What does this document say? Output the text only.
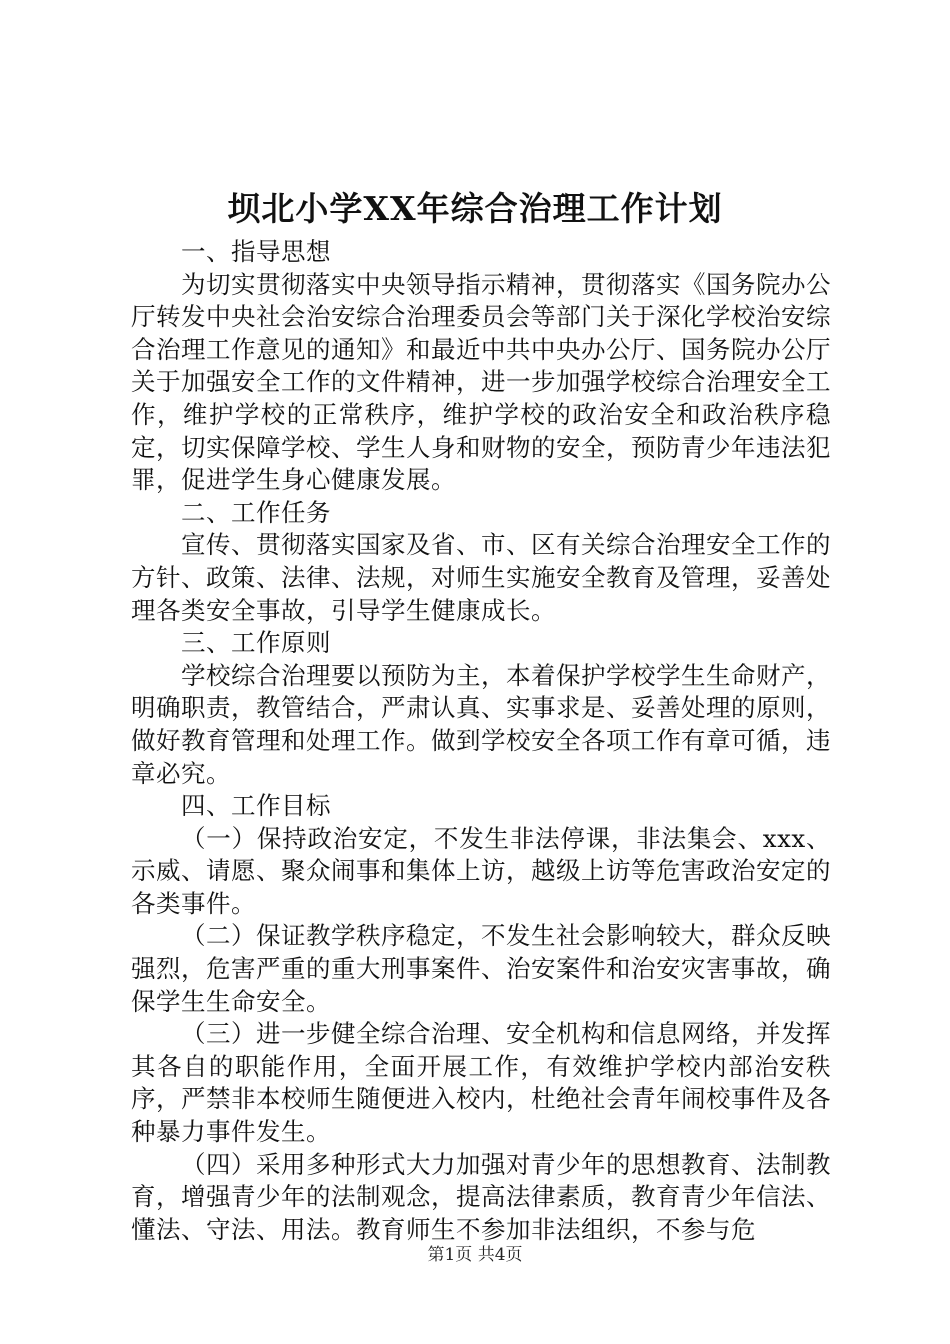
坝北小学XX年综合治理工作计划

一、指导思想

为切实贯彻落实中央领导指示精神，贯彻落实《国务院办公厅转发中央社会治安综合治理委员会等部门关于深化学校治安综合治理工作意见的通知》和最近中共中央办公厅、国务院办公厅关于加强安全工作的文件精神，进一步加强学校综合治理安全工作，维护学校的正常秩序，维护学校的政治安全和政治秩序稳定，切实保障学校、学生人身和财物的安全，预防青少年违法犯罪，促进学生身心健康发展。

二、工作任务

宣传、贯彻落实国家及省、市、区有关综合治理安全工作的方针、政策、法律、法规，对师生实施安全教育及管理，妥善处理各类安全事故，引导学生健康成长。

三、工作原则

学校综合治理要以预防为主，本着保护学校学生生命财产，明确职责，教管结合，严肃认真、实事求是、妥善处理的原则，做好教育管理和处理工作。做到学校安全各项工作有章可循，违章必究。

四、工作目标

（一）保持政治安定，不发生非法停课，非法集会、xxx、示威、请愿、聚众闹事和集体上访，越级上访等危害政治安定的各类事件。

（二）保证教学秩序稳定，不发生社会影响较大，群众反映强烈，危害严重的重大刑事案件、治安案件和治安灾害事故，确保学生生命安全。

（三）进一步健全综合治理、安全机构和信息网络，并发挥其各自的职能作用，全面开展工作，有效维护学校内部治安秩序，严禁非本校师生随便进入校内，杜绝社会青年闹校事件及各种暴力事件发生。

（四）采用多种形式大力加强对青少年的思想教育、法制教育，增强青少年的法制观念，提高法律素质，教育青少年信法、懂法、守法、用法。教育师生不参加非法组织，不参与危

第1页 共4页
